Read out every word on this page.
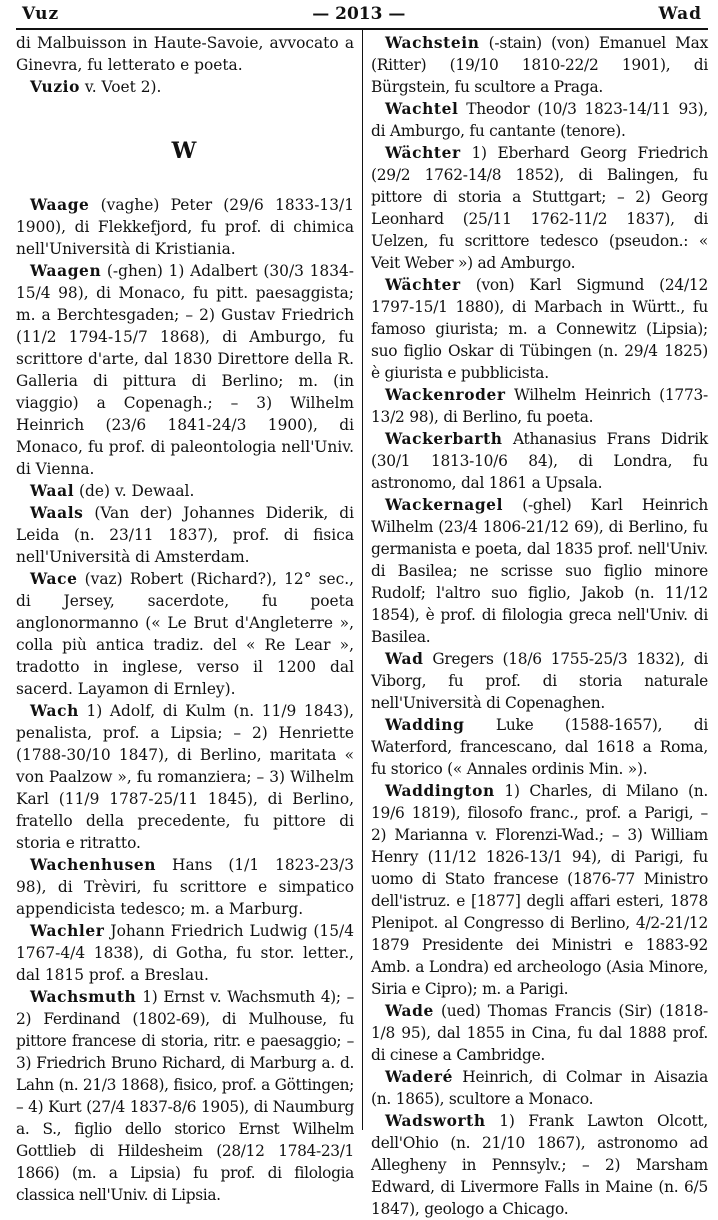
Vuz	— 2013 —	Wad

di Malbuisson in Haute-Savoie, avvocato a Ginevra, fu letterato e poeta.

Vuzio v. Voet 2).

W

Waage (vaghe) Peter (29/6 1833-13/1 1900), di Flekkefjord, fu prof. di chimica nell'Università di Kristiania.

Waagen (-ghen) 1) Adalbert (30/3 1834-15/4 98), di Monaco, fu pitt. paesaggista; m. a Berchtesgaden; – 2) Gustav Friedrich (11/2 1794-15/7 1868), di Amburgo, fu scrittore d'arte, dal 1830 Direttore della R. Galleria di pittura di Berlino; m. (in viaggio) a Copenagh.; – 3) Wilhelm Heinrich (23/6 1841-24/3 1900), di Monaco, fu prof. di paleontologia nell'Univ. di Vienna.

Waal (de) v. Dewaal.

Waals (Van der) Johannes Diderik, di Leida (n. 23/11 1837), prof. di fisica nell'Università di Amsterdam.

Wace (vaz) Robert (Richard?), 12° sec., di Jersey, sacerdote, fu poeta anglonormanno (« Le Brut d'Angleterre », colla più antica tradiz. del « Re Lear », tradotto in inglese, verso il 1200 dal sacerd. Layamon di Ernley).

Wach 1) Adolf, di Kulm (n. 11/9 1843), penalista, prof. a Lipsia; – 2) Henriette (1788-30/10 1847), di Berlino, maritata « von Paalzow », fu romanziera; – 3) Wilhelm Karl (11/9 1787-25/11 1845), di Berlino, fratello della precedente, fu pittore di storia e ritratto.

Wachenhusen Hans (1/1 1823-23/3 98), di Trèviri, fu scrittore e simpatico appendicista tedesco; m. a Marburg.

Wachler Johann Friedrich Ludwig (15/4 1767-4/4 1838), di Gotha, fu stor. letter., dal 1815 prof. a Breslau.

Wachsmuth 1) Ernst v. Wachsmuth 4); – 2) Ferdinand (1802-69), di Mulhouse, fu pittore francese di storia, ritr. e paesaggio; – 3) Friedrich Bruno Richard, di Marburg a. d. Lahn (n. 21/3 1868), fisico, prof. a Göttingen; – 4) Kurt (27/4 1837-8/6 1905), di Naumburg a. S., figlio dello storico Ernst Wilhelm Gottlieb di Hildesheim (28/12 1784-23/1 1866) (m. a Lipsia) fu prof. di filologia classica nell'Univ. di Lipsia.

Wachstein (-stain) (von) Emanuel Max (Ritter) (19/10 1810-22/2 1901), di Bürgstein, fu scultore a Praga.

Wachtel Theodor (10/3 1823-14/11 93), di Amburgo, fu cantante (tenore).

Wächter 1) Eberhard Georg Friedrich (29/2 1762-14/8 1852), di Balingen, fu pittore di storia a Stuttgart; – 2) Georg Leonhard (25/11 1762-11/2 1837), di Uelzen, fu scrittore tedesco (pseudon.: « Veit Weber ») ad Amburgo.

Wächter (von) Karl Sigmund (24/12 1797-15/1 1880), di Marbach in Württ., fu famoso giurista; m. a Connewitz (Lipsia); suo figlio Oskar di Tübingen (n. 29/4 1825) è giurista e pubblicista.

Wackenroder Wilhelm Heinrich (1773-13/2 98), di Berlino, fu poeta.

Wackerbarth Athanasius Frans Didrik (30/1 1813-10/6 84), di Londra, fu astronomo, dal 1861 a Upsala.

Wackernagel (-ghel) Karl Heinrich Wilhelm (23/4 1806-21/12 69), di Berlino, fu germanista e poeta, dal 1835 prof. nell'Univ. di Basilea; ne scrisse suo figlio minore Rudolf; l'altro suo figlio, Jakob (n. 11/12 1854), è prof. di filologia greca nell'Univ. di Basilea.

Wad Gregers (18/6 1755-25/3 1832), di Viborg, fu prof. di storia naturale nell'Università di Copenaghen.

Wadding Luke (1588-1657), di Waterford, francescano, dal 1618 a Roma, fu storico (« Annales ordinis Min. »).

Waddington 1) Charles, di Milano (n. 19/6 1819), filosofo franc., prof. a Parigi, – 2) Marianna v. Florenzi-Wad.; – 3) William Henry (11/12 1826-13/1 94), di Parigi, fu uomo di Stato francese (1876-77 Ministro dell'istruz. e [1877] degli affari esteri, 1878 Plenipot. al Congresso di Berlino, 4/2-21/12 1879 Presidente dei Ministri e 1883-92 Amb. a Londra) ed archeologo (Asia Minore, Siria e Cipro); m. a Parigi.

Wade (ued) Thomas Francis (Sir) (1818-1/8 95), dal 1855 in Cina, fu dal 1888 prof. di cinese a Cambridge.

Waderé Heinrich, di Colmar in Aisazia (n. 1865), scultore a Monaco.

Wadsworth 1) Frank Lawton Olcott, dell'Ohio (n. 21/10 1867), astronomo ad Allegheny in Pennsylv.; – 2) Marsham Edward, di Livermore Falls in Maine (n. 6/5 1847), geologo a Chicago.
